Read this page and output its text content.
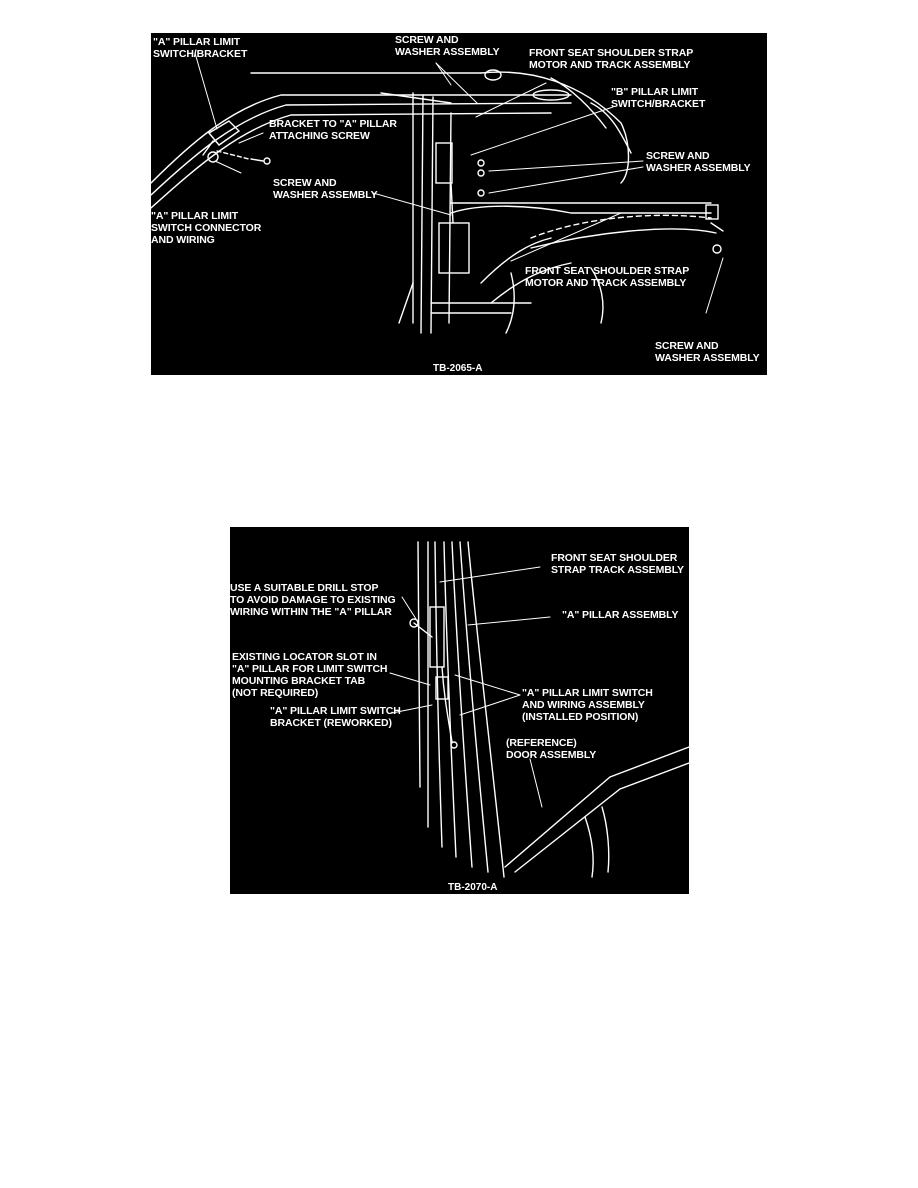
"A" PILLAR LIMIT
SWITCH/BRACKET
SCREW AND
WASHER ASSEMBLY	FRONT SEAT SHOULDER STRAP
MOTOR AND TRACK ASSEMBLY
"B" PILLAR LIMIT
SWITCH/BRACKET
BRACKET TO "A" PILLAR
ATTACHING SCREW
SCREW AND
WASHER ASSEMBLY
SCREW AND
WASHER ASSEMBLY
"A" PILLAR LIMIT
SWITCH CONNECTOR
AND WIRING
FRONT SEAT SHOULDER STRAP
MOTOR AND TRACK ASSEMBLY
SCREW AND
WASHER ASSEMBLY
TB-2065-A
FRONT SEAT SHOULDER
STRAP TRACK ASSEMBLY
USE A SUITABLE DRILL STOP
TO AVOID DAMAGE TO EXISTING
WIRING WITHIN THE "A" PILLAR	"A" PILLAR ASSEMBLY
EXISTING LOCATOR SLOT IN
"A" PILLAR FOR LIMIT SWITCH
MOUNTING BRACKET TAB
(NOT REQUIRED)	"A" PILLAR LIMIT SWITCH
AND WIRING ASSEMBLY
(INSTALLED POSITION)
"A" PILLAR LIMIT SWITCH
BRACKET (REWORKED)
(REFERENCE)
DOOR ASSEMBLY
TB-2070-A
